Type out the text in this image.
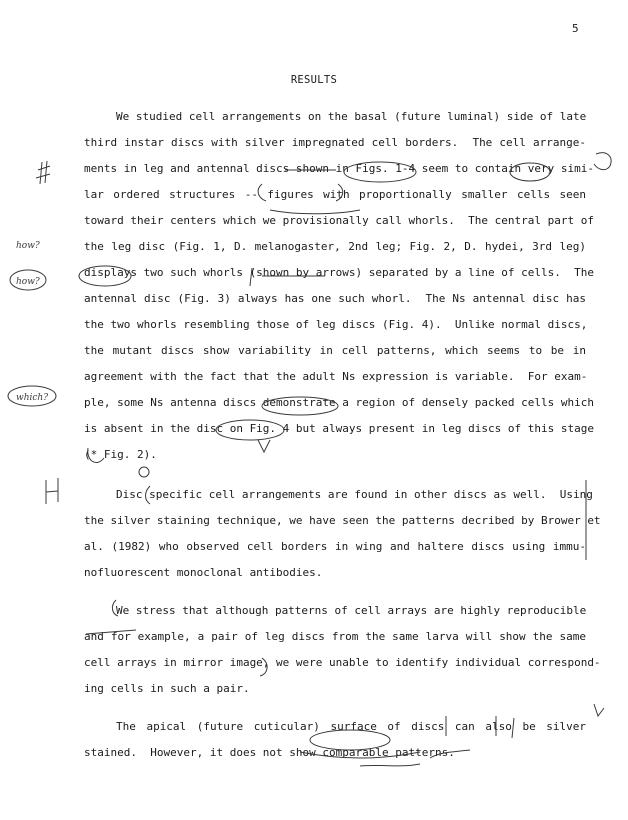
5
RESULTS
We studied cell arrangements on the basal (future luminal) side of late
third instar discs with silver impregnated cell borders.  The cell arrange-
ments in leg and antennal discs shown in Figs. 1-4 seem to contain very simi-
lar ordered structures -- figures with proportionally smaller cells seen
toward their centers which we provisionally call whorls.  The central part of
the leg disc (Fig. 1, D. melanogaster, 2nd leg; Fig. 2, D. hydei, 3rd leg)
displays two such whorls (shown by arrows) separated by a line of cells.  The
antennal disc (Fig. 3) always has one such whorl.  The Ns antennal disc has
the two whorls resembling those of leg discs (Fig. 4).  Unlike normal discs,
the mutant discs show variability in cell patterns, which seems to be in
agreement with the fact that the adult Ns expression is variable.  For exam-
ple, some Ns antenna discs demonstrate a region of densely packed cells which
is absent in the disc on Fig. 4 but always present in leg discs of this stage
(* Fig. 2).
Disc specific cell arrangements are found in other discs as well.  Using
the silver staining technique, we have seen the patterns decribed by Brower et
al. (1982) who observed cell borders in wing and haltere discs using immu-
nofluorescent monoclonal antibodies.
We stress that although patterns of cell arrays are highly reproducible
and for example, a pair of leg discs from the same larva will show the same
cell arrays in mirror image, we were unable to identify individual correspond-
ing cells in such a pair.
The apical (future cuticular) surface of discs can also be silver
stained.  However, it does not show comparable patterns.
how?
which?
how?
